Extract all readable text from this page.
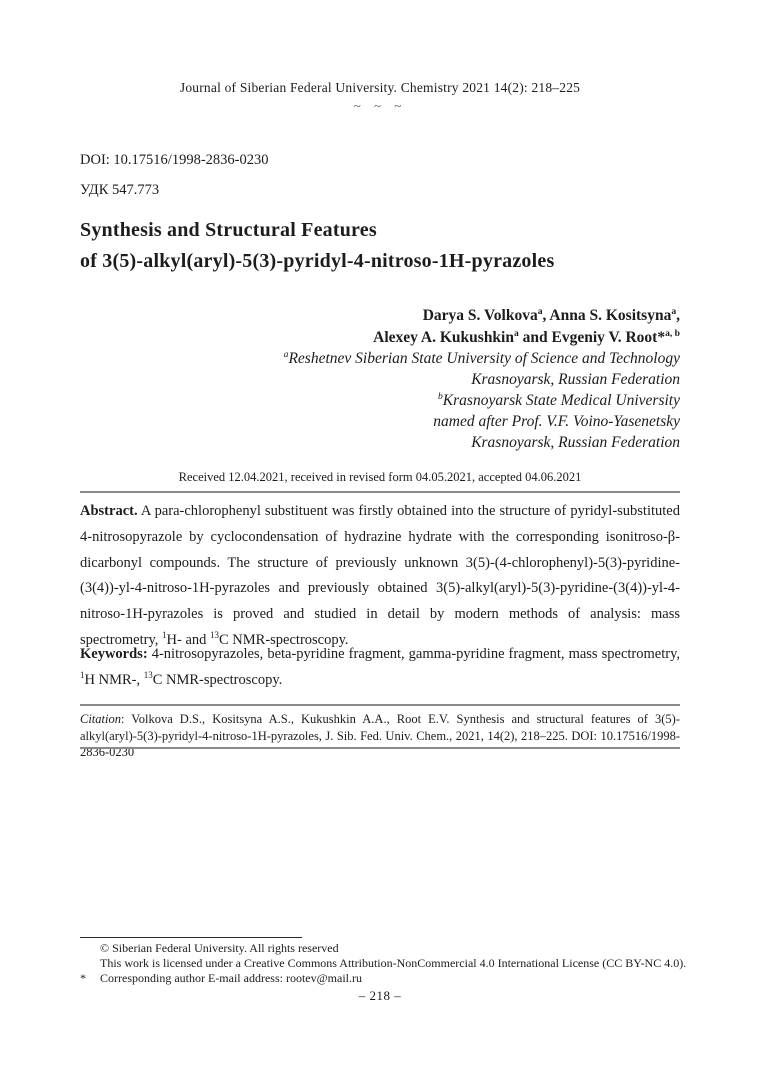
Journal of Siberian Federal University. Chemistry 2021 14(2): 218–225
~ ~ ~
DOI: 10.17516/1998-2836-0230
УДК 547.773
Synthesis and Structural Features
of 3(5)-alkyl(aryl)-5(3)-pyridyl-4-nitroso-1H-pyrazoles
Darya S. Volkova$^a$, Anna S. Kositsyna$^a$,
Alexey A. Kukushkin$^a$ and Evgeniy V. Root*$^{a, b}$
$^a$Reshetnev Siberian State University of Science and Technology
Krasnoyarsk, Russian Federation
$^b$Krasnoyarsk State Medical University
named after Prof. V.F. Voino-Yasenetsky
Krasnoyarsk, Russian Federation
Received 12.04.2021, received in revised form 04.05.2021, accepted 04.06.2021
Abstract. A para-chlorophenyl substituent was firstly obtained into the structure of pyridyl-substituted 4-nitrosopyrazole by cyclocondensation of hydrazine hydrate with the corresponding isonitroso-β-dicarbonyl compounds. The structure of previously unknown 3(5)-(4-chlorophenyl)-5(3)-pyridine-(3(4))-yl-4-nitroso-1H-pyrazoles and previously obtained 3(5)-alkyl(aryl)-5(3)-pyridine-(3(4))-yl-4-nitroso-1H-pyrazoles is proved and studied in detail by modern methods of analysis: mass spectrometry, $^1$H- and $^{13}$C NMR-spectroscopy.
Keywords: 4-nitrosopyrazoles, beta-pyridine fragment, gamma-pyridine fragment, mass spectrometry, $^1$H NMR-, $^{13}$C NMR-spectroscopy.
Citation: Volkova D.S., Kositsyna A.S., Kukushkin A.A., Root E.V. Synthesis and structural features of 3(5)-alkyl(aryl)-5(3)-pyridyl-4-nitroso-1H-pyrazoles, J. Sib. Fed. Univ. Chem., 2021, 14(2), 218–225. DOI: 10.17516/1998-2836-0230
© Siberian Federal University. All rights reserved
This work is licensed under a Creative Commons Attribution-NonCommercial 4.0 International License (CC BY-NC 4.0).
*	Corresponding author E-mail address: rootev@mail.ru
– 218 –
